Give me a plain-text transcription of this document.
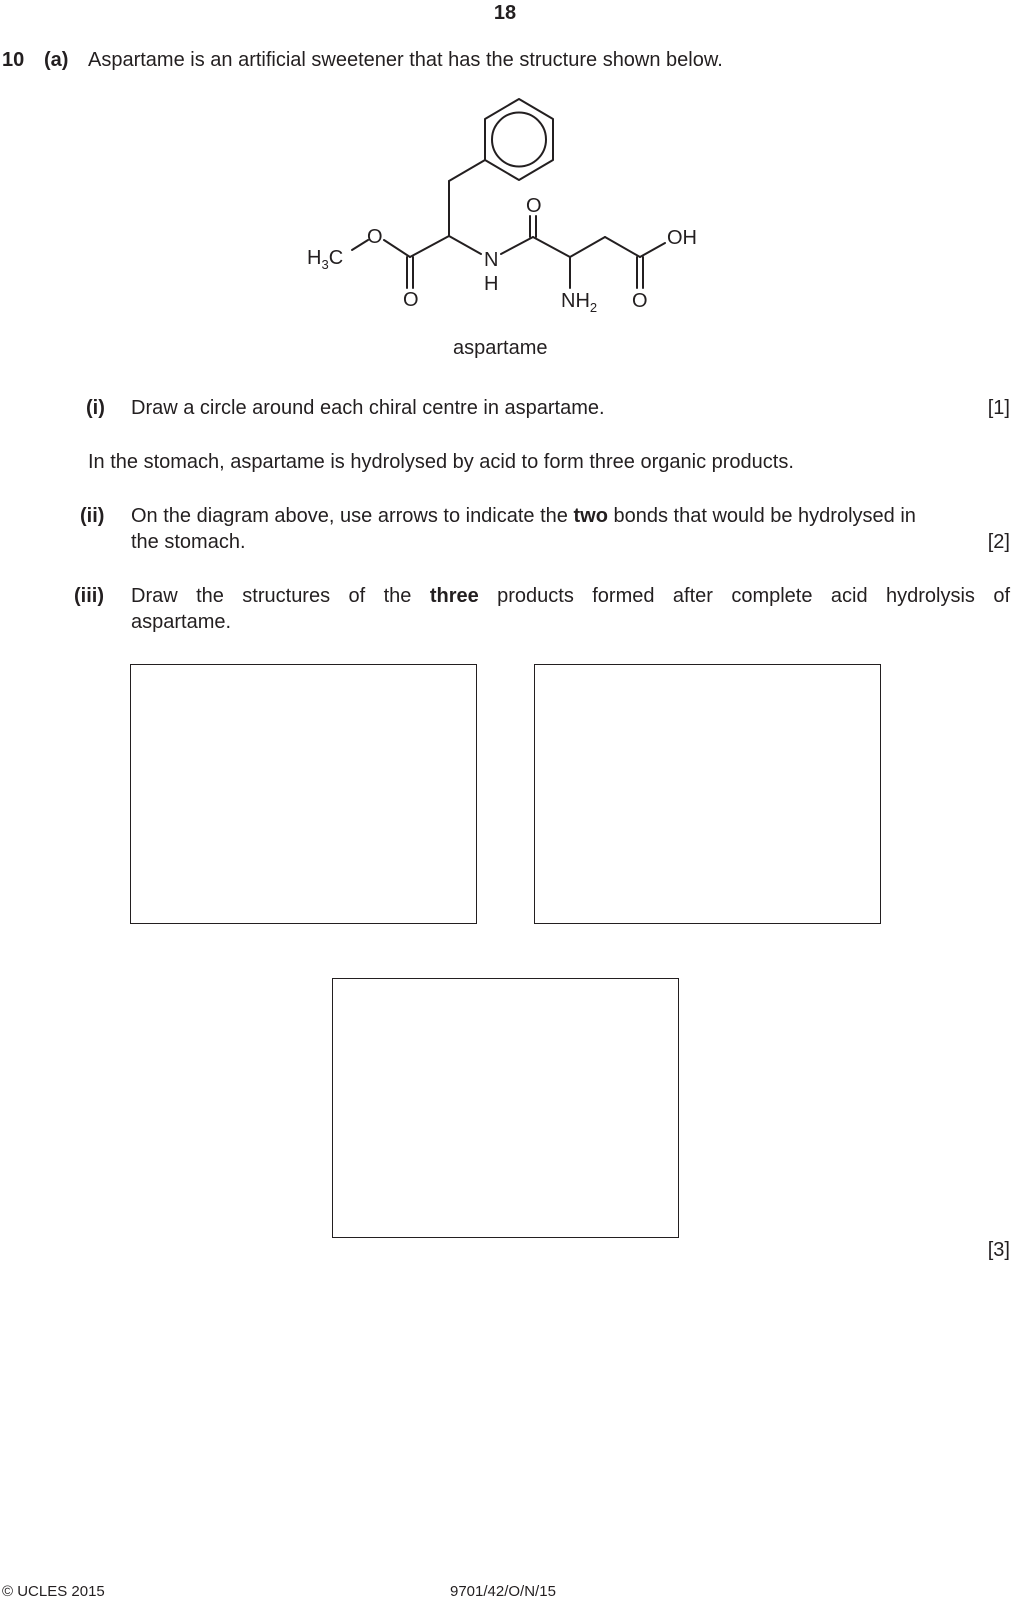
18
10 (a) Aspartame is an artificial sweetener that has the structure shown below.
$H_3C$
O
O
N
H
O
$NH_2$
OH
O
aspartame
(i) Draw a circle around each chiral centre in aspartame.	[1]
In the stomach, aspartame is hydrolysed by acid to form three organic products.
(ii) On the diagram above, use arrows to indicate the two bonds that would be hydrolysed in
the stomach.	[2]
(iii) Draw the structures of the three products formed after complete acid hydrolysis of
aspartame.
[3]
© UCLES 2015	9701/42/O/N/15
